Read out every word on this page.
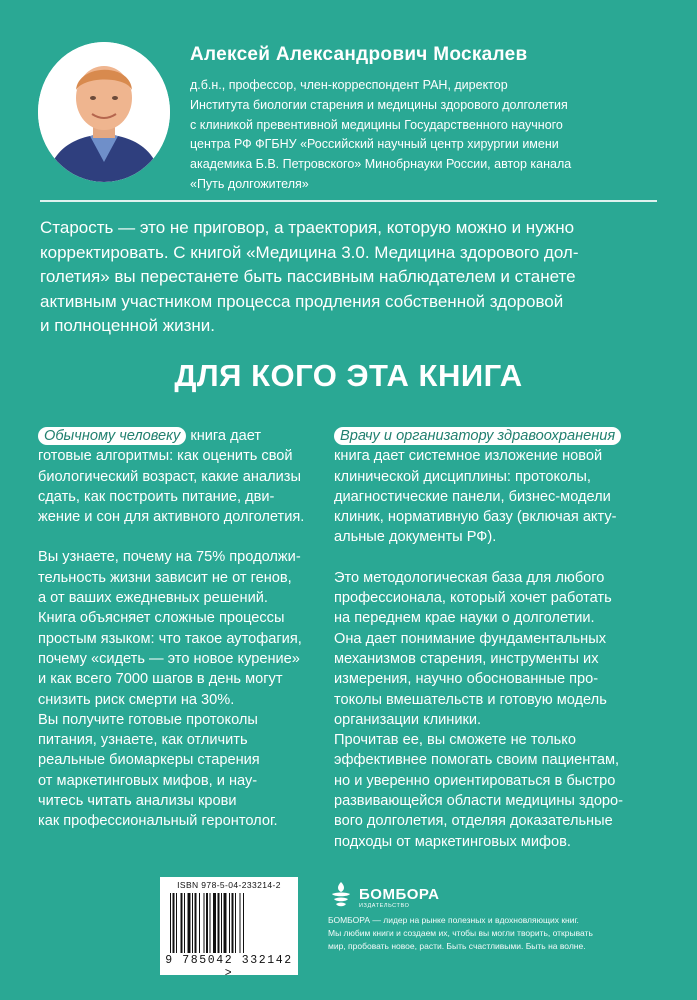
Алексей Александрович Москалев
д.б.н., профессор, член-корреспондент РАН, директор
Института биологии старения и медицины здорового долголетия
с клиникой превентивной медицины Государственного научного
центра РФ ФГБНУ «Российский научный центр хирургии имени
академика Б.В. Петровского» Минобрнауки России, автор канала
«Путь долгожителя»
Старость — это не приговор, а траектория, которую можно и нужно
корректировать. С книгой «Медицина 3.0. Медицина здорового дол-
голетия» вы перестанете быть пассивным наблюдателем и станете
активным участником процесса продления собственной здоровой
и полноценной жизни.
ДЛЯ КОГО ЭТА КНИГА

Обычному человеку книга дает

готовые алгоритмы: как оценить свой

биологический возраст, какие анализы

сдать, как построить питание, дви-

жение и сон для активного долголетия.

Вы узнаете, почему на 75% продолжи-

тельность жизни зависит не от генов,

а от ваших ежедневных решений.

Книга объясняет сложные процессы

простым языком: что такое аутофагия,

почему «сидеть — это новое курение»

и как всего 7000 шагов в день могут

снизить риск смерти на 30%.

Вы получите готовые протоколы

питания, узнаете, как отличить

реальные биомаркеры старения

от маркетинговых мифов, и нау-

читесь читать анализы крови

как профессиональный геронтолог.

Врачу и организатору здравоохранения

книга дает системное изложение новой

клинической дисциплины: протоколы,

диагностические панели, бизнес-модели

клиник, нормативную базу (включая акту-

альные документы РФ).

Это методологическая база для любого

профессионала, который хочет работать

на переднем крае науки о долголетии.

Она дает понимание фундаментальных

механизмов старения, инструменты их

измерения, научно обоснованные про-

токолы вмешательств и готовую модель

организации клиники.

Прочитав ее, вы сможете не только

эффективнее помогать своим пациентам,

но и уверенно ориентироваться в быстро

развивающейся области медицины здоро-

вого долголетия, отделяя доказательные

подходы от маркетинговых мифов.

ISBN 978-5-04-233214-2
9 785042 332142 >
БОМБОРА
ИЗДАТЕЛЬСТВО
БОМБОРА — лидер на рынке полезных и вдохновляющих книг.
Мы любим книги и создаем их, чтобы вы могли творить, открывать
мир, пробовать новое, расти. Быть счастливыми. Быть на волне.
